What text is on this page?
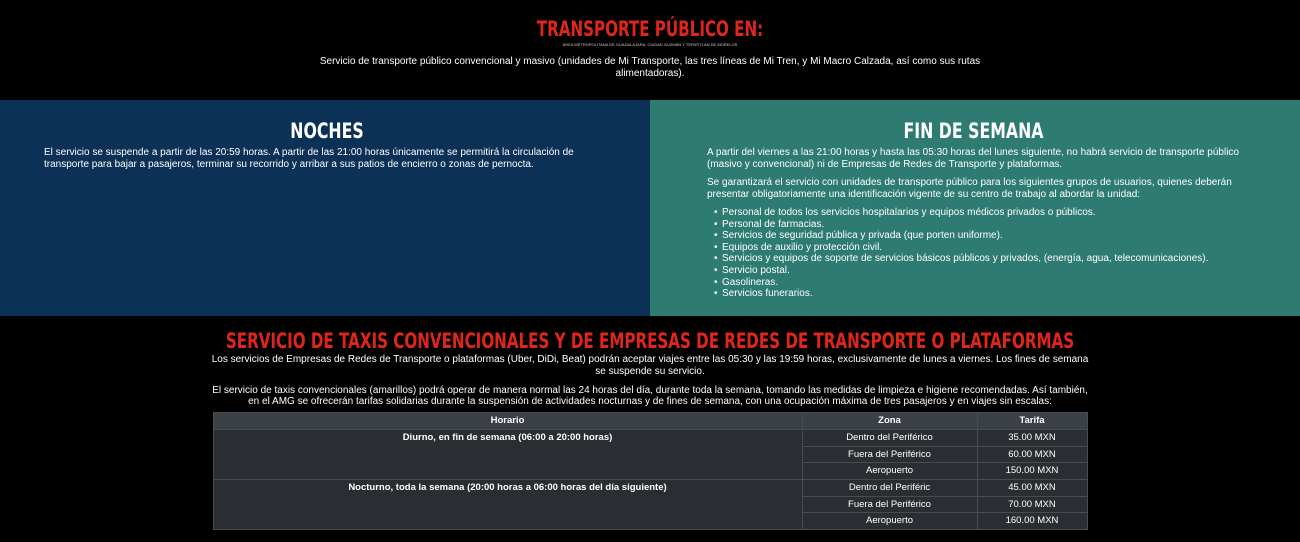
TRANSPORTE PÚBLICO EN:
ÁREA METROPOLITANA DE GUADALAJARA, CIUDAD GUZMÁN Y TEPATITLÁN DE MORELOS

Servicio de transporte público convencional y masivo (unidades de Mi Transporte, las tres líneas de Mi Tren, y Mi Macro Calzada, así como sus rutas alimentadoras).

NOCHES

El servicio se suspende a partir de las 20:59 horas. A partir de las 21:00 horas únicamente se permitirá la circulación de transporte para bajar a pasajeros, terminar su recorrido y arribar a sus patios de encierro o zonas de pernocta.

FIN DE SEMANA

A partir del viernes a las 21:00 horas y hasta las 05:30 horas del lunes siguiente, no habrá servicio de transporte público (masivo y convencional) ni de Empresas de Redes de Transporte y plataformas.

Se garantizará el servicio con unidades de transporte público para los siguientes grupos de usuarios, quienes deberán presentar obligatoriamente una identificación vigente de su centro de trabajo al abordar la unidad:

• Personal de todos los servicios hospitalarios y equipos médicos privados o públicos.
• Personal de farmacias.
• Servicios de seguridad pública y privada (que porten uniforme).
• Equipos de auxilio y protección civil.
• Servicios y equipos de soporte de servicios básicos públicos y privados, (energía, agua, telecomunicaciones).
• Servicio postal.
• Gasolineras.
• Servicios funerarios.
SERVICIO DE TAXIS CONVENCIONALES Y DE EMPRESAS DE REDES DE TRANSPORTE O PLATAFORMAS

Los servicios de Empresas de Redes de Transporte o plataformas (Uber, DiDi, Beat) podrán aceptar viajes entre las 05:30 y las 19:59 horas, exclusivamente de lunes a viernes. Los fines de semana se suspende su servicio.

El servicio de taxis convencionales (amarillos) podrá operar de manera normal las 24 horas del día, durante toda la semana, tomando las medidas de limpieza e higiene recomendadas. Así también, en el AMG se ofrecerán tarifas solidarias durante la suspensión de actividades nocturnas y de fines de semana, con una ocupación máxima de tres pasajeros y en viajes sin escalas:

Horario	Zona	Tarifa
Diurno, en fin de semana (06:00 a 20:00 horas)	Dentro del Periférico	35.00 MXN
	Fuera del Periférico	60.00 MXN
	Aeropuerto	150.00 MXN
Nocturno, toda la semana (20:00 horas a 06:00 horas del día siguiente)	Dentro del Periféric	45.00 MXN
	Fuera del Periférico	70.00 MXN
	Aeropuerto	160.00 MXN
